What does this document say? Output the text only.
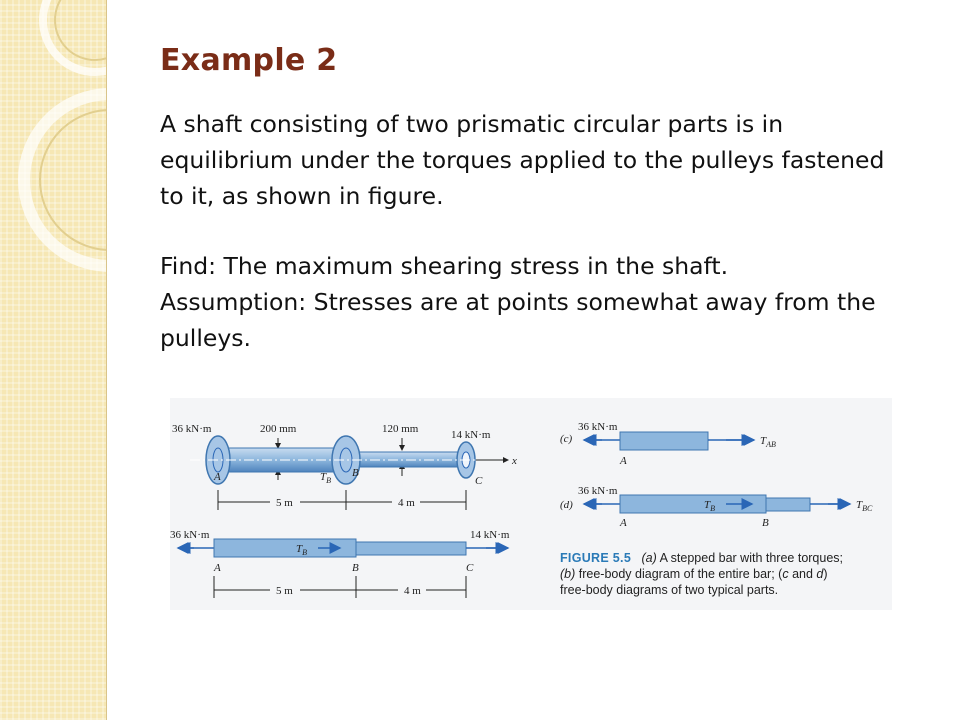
Example 2

A shaft consisting of two prismatic circular parts is in equilibrium under the torques applied to the pulleys fastened to it, as shown in figure.

Find: The maximum shearing stress in the shaft.

Assumption: Stresses are at points somewhat away from the pulleys.

36 kN·m	200 mm	120 mm	14 kN·m
x
A	B
C
$T_B$
5 m	4 m
36 kN·m	14 kN·m
$T_B$
A	B	C
5 m	4 m
(c)
36 kN·m
A
$T_{AB}$
(d)
36 kN·m
$T_B$
A	B
$T_{BC}$

FIGURE 5.5 (a) A stepped bar with three torques;

(b) free-body diagram of the entire bar; (c and d)

free-body diagrams of two typical parts.
